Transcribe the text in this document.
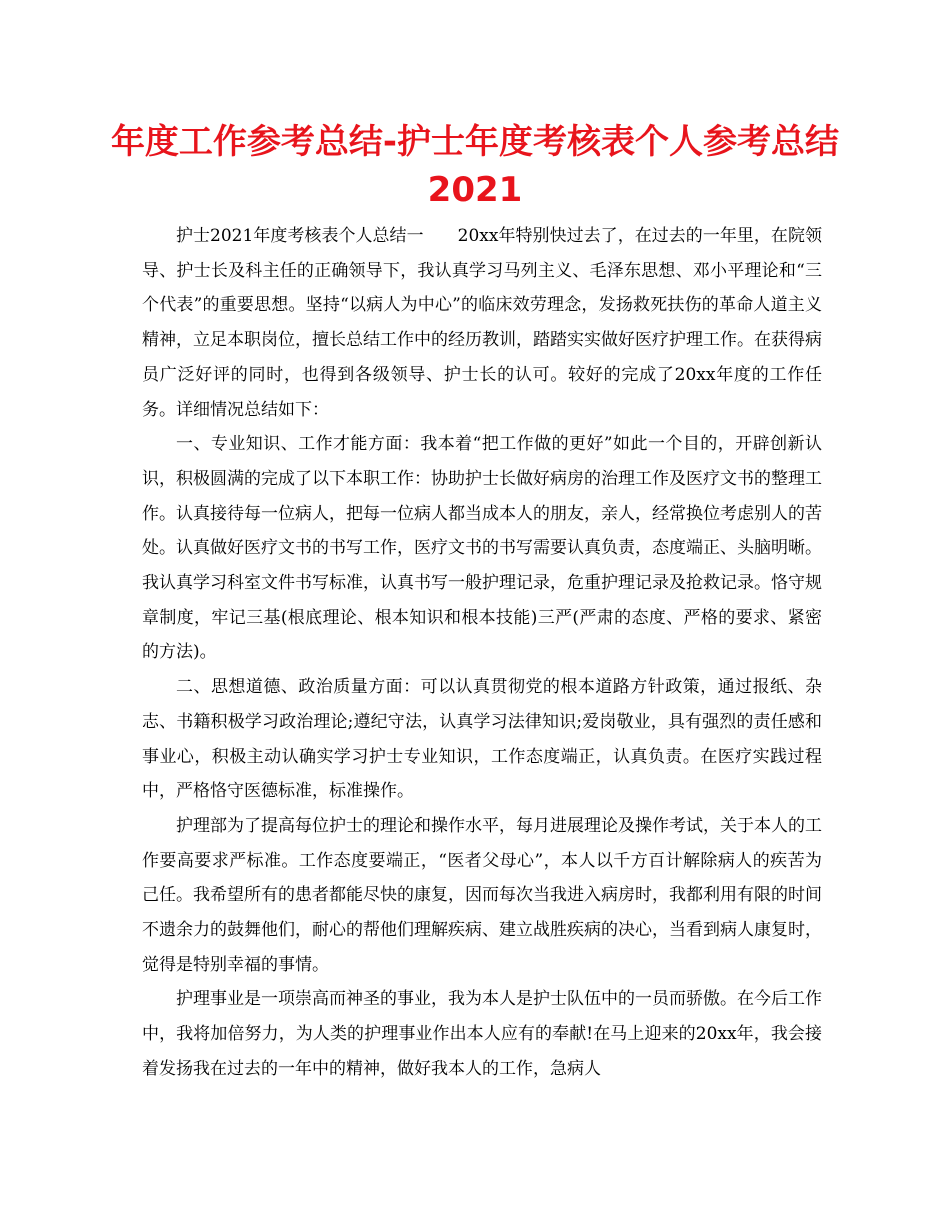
年度工作参考总结-护士年度考核表个人参考总结2021

护士2021年度考核表个人总结一　　20xx年特别快过去了，在过去的一年里，在院领导、护士长及科主任的正确领导下，我认真学习马列主义、毛泽东思想、邓小平理论和“三个代表”的重要思想。坚持“以病人为中心”的临床效劳理念，发扬救死扶伤的革命人道主义精神，立足本职岗位，擅长总结工作中的经历教训，踏踏实实做好医疗护理工作。在获得病员广泛好评的同时，也得到各级领导、护士长的认可。较好的完成了20xx年度的工作任务。详细情况总结如下：

一、专业知识、工作才能方面：我本着“把工作做的更好”如此一个目的，开辟创新认识，积极圆满的完成了以下本职工作：协助护士长做好病房的治理工作及医疗文书的整理工作。认真接待每一位病人，把每一位病人都当成本人的朋友，亲人，经常换位考虑别人的苦处。认真做好医疗文书的书写工作，医疗文书的书写需要认真负责，态度端正、头脑明晰。我认真学习科室文件书写标准，认真书写一般护理记录，危重护理记录及抢救记录。恪守规章制度，牢记三基(根底理论、根本知识和根本技能)三严(严肃的态度、严格的要求、紧密的方法)。

二、思想道德、政治质量方面：可以认真贯彻党的根本道路方针政策，通过报纸、杂志、书籍积极学习政治理论;遵纪守法，认真学习法律知识;爱岗敬业，具有强烈的责任感和事业心，积极主动认确实学习护士专业知识，工作态度端正，认真负责。在医疗实践过程中，严格恪守医德标准，标准操作。

护理部为了提高每位护士的理论和操作水平，每月进展理论及操作考试，关于本人的工作要高要求严标准。工作态度要端正，“医者父母心”，本人以千方百计解除病人的疾苦为己任。我希望所有的患者都能尽快的康复，因而每次当我进入病房时，我都利用有限的时间不遗余力的鼓舞他们，耐心的帮他们理解疾病、建立战胜疾病的决心，当看到病人康复时，觉得是特别幸福的事情。

护理事业是一项崇高而神圣的事业，我为本人是护士队伍中的一员而骄傲。在今后工作中，我将加倍努力，为人类的护理事业作出本人应有的奉献!在马上迎来的20xx年，我会接着发扬我在过去的一年中的精神，做好我本人的工作，急病人
